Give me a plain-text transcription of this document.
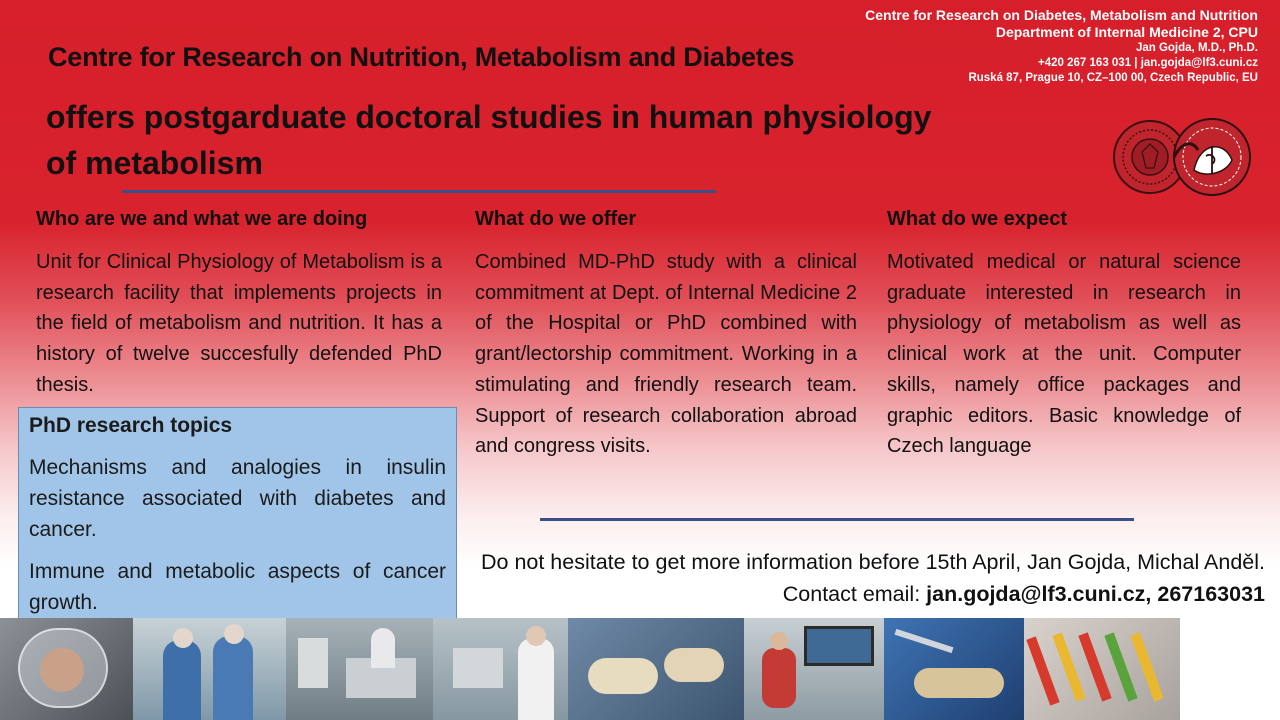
Centre for Research on Diabetes, Metabolism and Nutrition
Department of Internal Medicine 2, CPU
Jan Gojda, M.D., Ph.D.
+420 267 163 031 | jan.gojda@lf3.cuni.cz
Ruská 87, Prague 10, CZ–100 00, Czech Republic, EU
Centre for Research on Nutrition, Metabolism and Diabetes
offers postgarduate doctoral studies in human physiology of metabolism
Who are we and what we are doing

Unit for Clinical Physiology of Metabolism is a research facility that implements projects in the field of metabolism and nutrition. It has a history of twelve succesfully defended PhD thesis.

What do we offer

Combined MD-PhD study with a clinical commitment at Dept. of Internal Medicine 2 of the Hospital or PhD combined with grant/lectorship commitment. Working in a stimulating and friendly research team. Support of research collaboration abroad and congress visits.

What do we expect

Motivated medical or natural science graduate interested in research in physiology of metabolism as well as clinical work at the unit. Computer skills, namely office packages and graphic editors. Basic knowledge of Czech language

PhD research topics

Mechanisms and analogies in insulin resistance associated with diabetes and cancer.

Immune and metabolic aspects of cancer growth.

Do not hesitate to get more information before 15th April, Jan Gojda, Michal Anděl.
Contact email: jan.gojda@lf3.cuni.cz, 267163031
